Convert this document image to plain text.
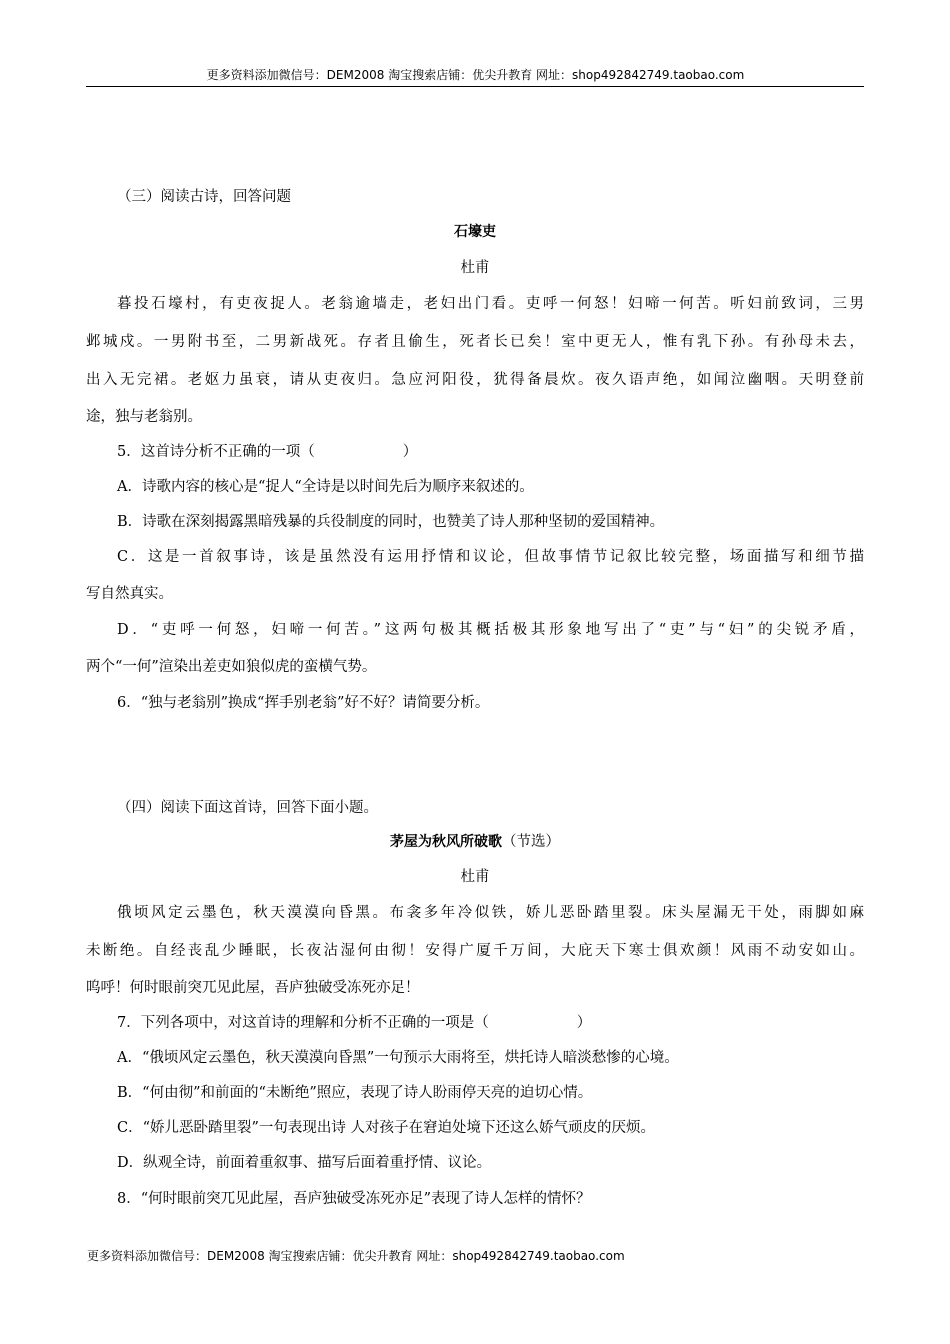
更多资料添加微信号：DEM2008 淘宝搜索店铺：优尖升教育 网址：shop492842749.taobao.com
（三）阅读古诗，回答问题
石壕吏
杜甫
暮投石壕村，有吏夜捉人。老翁逾墙走，老妇出门看。吏呼一何怒！妇啼一何苦。听妇前致词，三男
邺城戍。一男附书至，二男新战死。存者且偷生，死者长已矣！室中更无人，惟有乳下孙。有孙母未去，
出入无完裙。老妪力虽衰，请从吏夜归。急应河阳役，犹得备晨炊。夜久语声绝，如闻泣幽咽。天明登前
途，独与老翁别。
5．这首诗分析不正确的一项（	）
A．诗歌内容的核心是“捉人“全诗是以时间先后为顺序来叙述的。
B．诗歌在深刻揭露黑暗残暴的兵役制度的同时，也赞美了诗人那种坚韧的爱国精神。
C．这是一首叙事诗，该是虽然没有运用抒情和议论，但故事情节记叙比较完整，场面描写和细节描
写自然真实。
D．“吏呼一何怒，妇啼一何苦。”这两句极其概括极其形象地写出了“吏”与“妇”的尖锐矛盾，
两个“一何”渲染出差吏如狼似虎的蛮横气势。
6．“独与老翁别”换成“挥手别老翁”好不好？请简要分析。
（四）阅读下面这首诗，回答下面小题。
茅屋为秋风所破歌（节选）
杜甫
俄顷风定云墨色，秋天漠漠向昏黑。布衾多年冷似铁，娇儿恶卧踏里裂。床头屋漏无干处，雨脚如麻
未断绝。自经丧乱少睡眠，长夜沾湿何由彻！安得广厦千万间，大庇天下寒士俱欢颜！风雨不动安如山。
呜呼！何时眼前突兀见此屋，吾庐独破受冻死亦足！
7．下列各项中，对这首诗的理解和分析不正确的一项是（	）
A．“俄顷风定云墨色，秋天漠漠向昏黑”一句预示大雨将至，烘托诗人暗淡愁惨的心境。
B．“何由彻”和前面的“未断绝”照应，表现了诗人盼雨停天亮的迫切心情。
C．“娇儿恶卧踏里裂”一句表现出诗 人对孩子在窘迫处境下还这么娇气顽皮的厌烦。
D．纵观全诗，前面着重叙事、描写后面着重抒情、议论。
8．“何时眼前突兀见此屋，吾庐独破受冻死亦足”表现了诗人怎样的情怀？
更多资料添加微信号：DEM2008 淘宝搜索店铺：优尖升教育 网址：shop492842749.taobao.com
